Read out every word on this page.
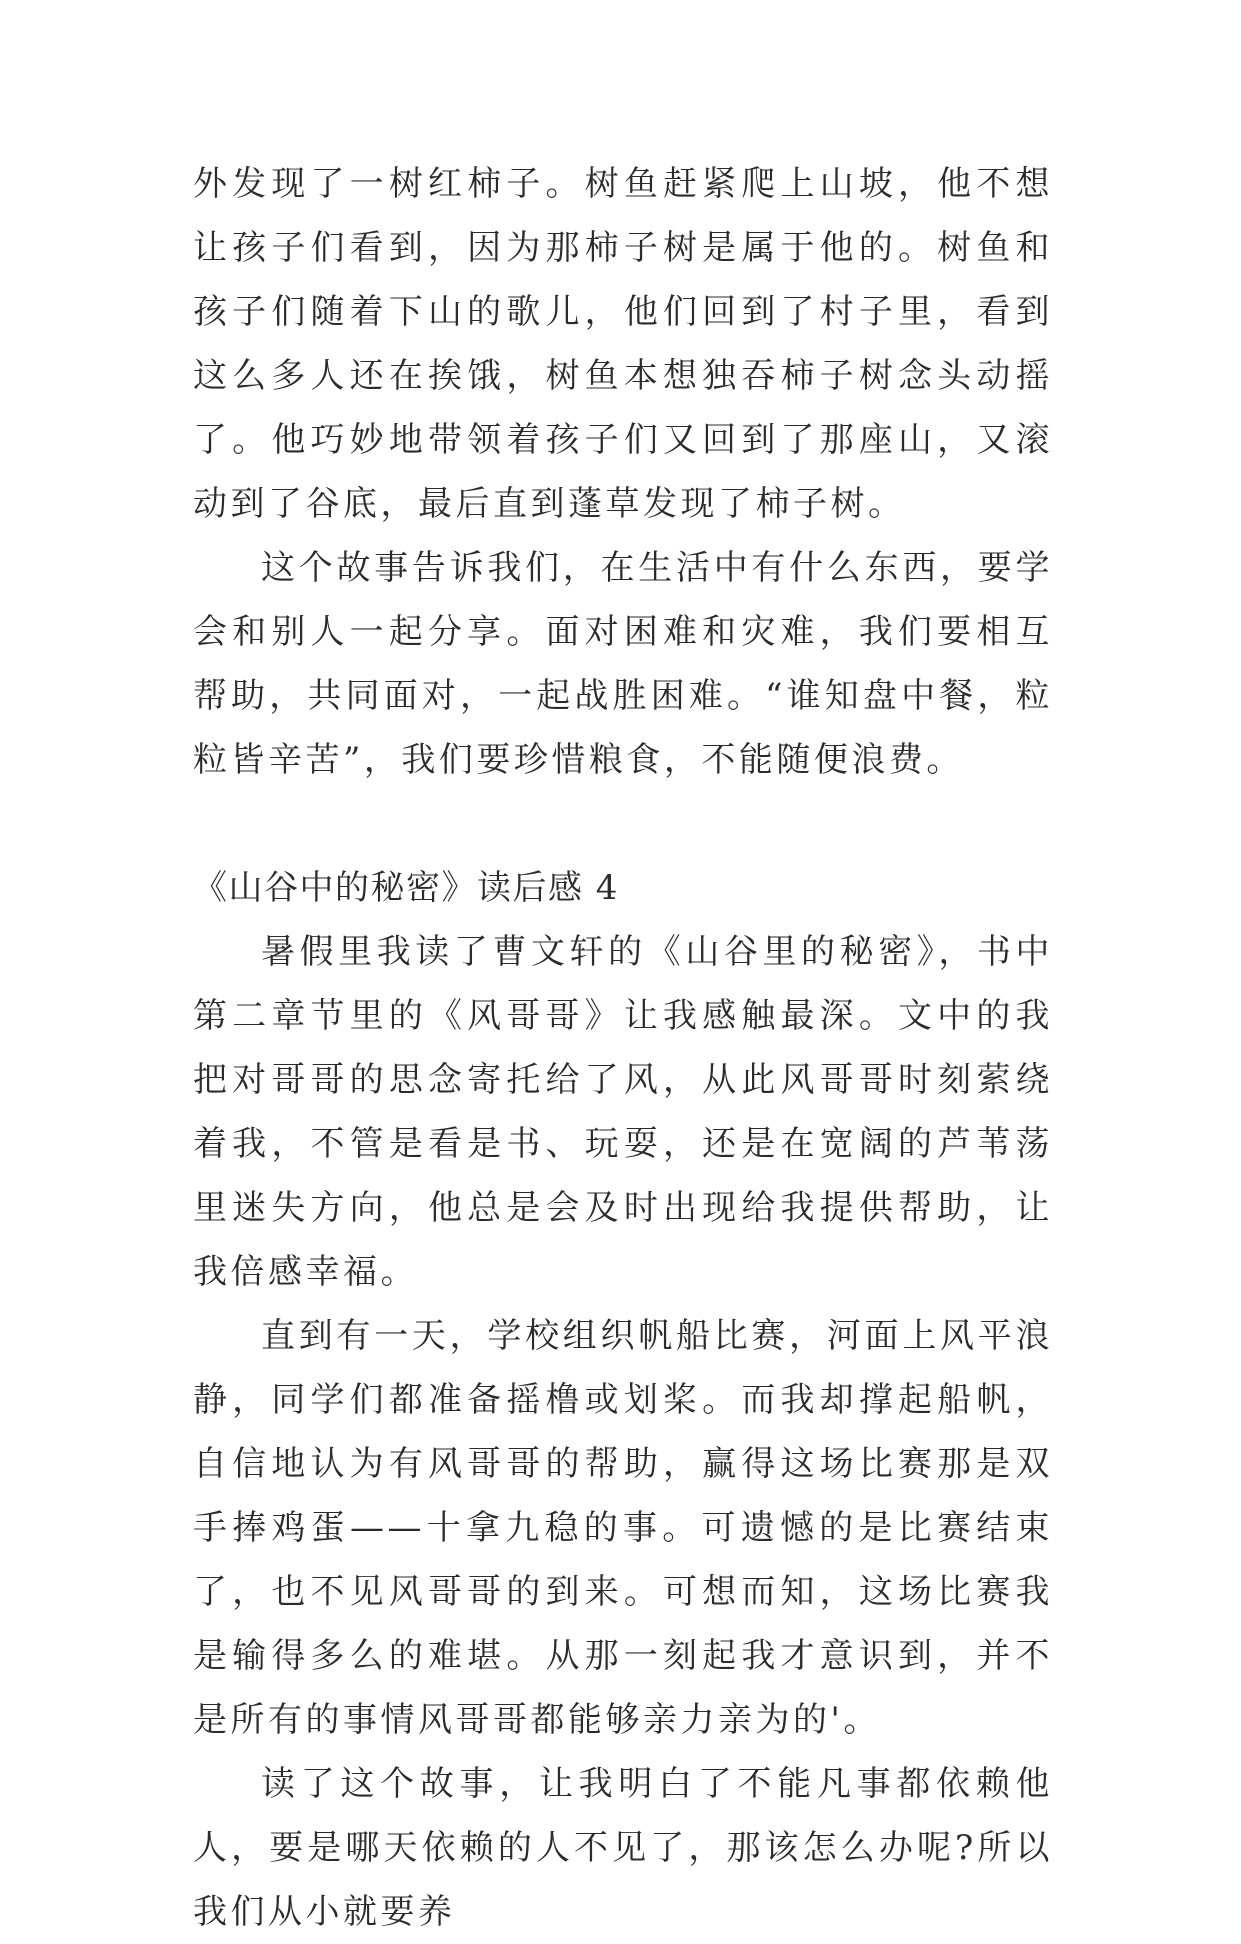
外发现了一树红柿子。树鱼赶紧爬上山坡，他不想让孩子们看到，因为那柿子树是属于他的。树鱼和孩子们随着下山的歌儿，他们回到了村子里，看到这么多人还在挨饿，树鱼本想独吞柿子树念头动摇了。他巧妙地带领着孩子们又回到了那座山，又滚动到了谷底，最后直到蓬草发现了柿子树。

这个故事告诉我们，在生活中有什么东西，要学会和别人一起分享。面对困难和灾难，我们要相互帮助，共同面对，一起战胜困难。“谁知盘中餐，粒粒皆辛苦”，我们要珍惜粮食，不能随便浪费。

《山谷中的秘密》读后感 4

暑假里我读了曹文轩的《山谷里的秘密》，书中第二章节里的《风哥哥》让我感触最深。文中的我把对哥哥的思念寄托给了风，从此风哥哥时刻萦绕着我，不管是看是书、玩耍，还是在宽阔的芦苇荡里迷失方向，他总是会及时出现给我提供帮助，让我倍感幸福。

直到有一天，学校组织帆船比赛，河面上风平浪静，同学们都准备摇橹或划桨。而我却撑起船帆，自信地认为有风哥哥的帮助，赢得这场比赛那是双手捧鸡蛋——十拿九稳的事。可遗憾的是比赛结束了，也不见风哥哥的到来。可想而知，这场比赛我是输得多么的难堪。从那一刻起我才意识到，并不是所有的事情风哥哥都能够亲力亲为的'。

读了这个故事，让我明白了不能凡事都依赖他人，要是哪天依赖的人不见了，那该怎么办呢?所以我们从小就要养
